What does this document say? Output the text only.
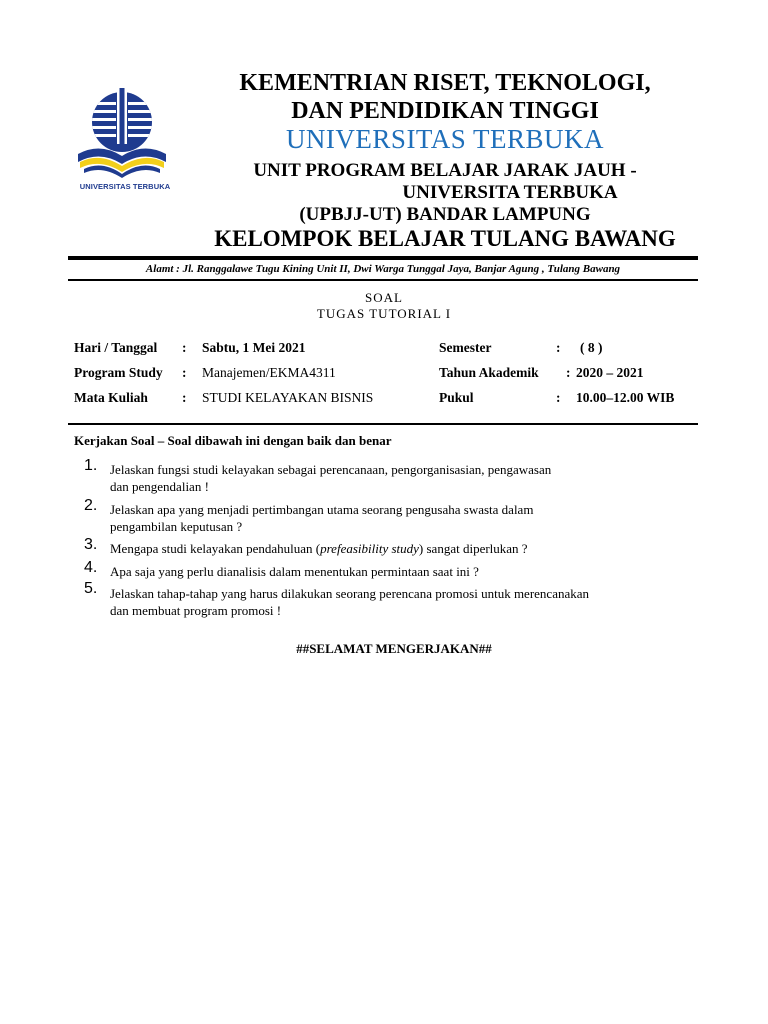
UNIVERSITAS TERBUKA
KEMENTRIAN RISET, TEKNOLOGI,
DAN PENDIDIKAN TINGGI
UNIVERSITAS TERBUKA
UNIT PROGRAM BELAJAR JARAK JAUH -
UNIVERSITA TERBUKA
(UPBJJ-UT) BANDAR LAMPUNG
KELOMPOK BELAJAR TULANG BAWANG
Alamt : Jl. Ranggalawe Tugu Kining Unit II, Dwi Warga Tunggal Jaya, Banjar Agung , Tulang Bawang
SOAL
TUGAS TUTORIAL I
Hari / Tanggal : Sabtu, 1 Mei 2021	Semester	: ( 8 )
Program Study : Manajemen/EKMA4311	Tahun Akademik : 2020 – 2021
Mata Kuliah	: STUDI KELAYAKAN BISNIS	Pukul	: 10.00–12.00 WIB
Kerjakan Soal – Soal dibawah ini dengan baik dan benar
1. Jelaskan fungsi studi kelayakan sebagai perencanaan, pengorganisasian, pengawasan
dan pengendalian !
2. Jelaskan apa yang menjadi pertimbangan utama seorang pengusaha swasta dalam
pengambilan keputusan ?
3. Mengapa studi kelayakan pendahuluan (prefeasibility study) sangat diperlukan ?
4. Apa saja yang perlu dianalisis dalam menentukan permintaan saat ini ?
5. Jelaskan tahap-tahap yang harus dilakukan seorang perencana promosi untuk merencanakan
dan membuat program promosi !
##SELAMAT MENGERJAKAN##
